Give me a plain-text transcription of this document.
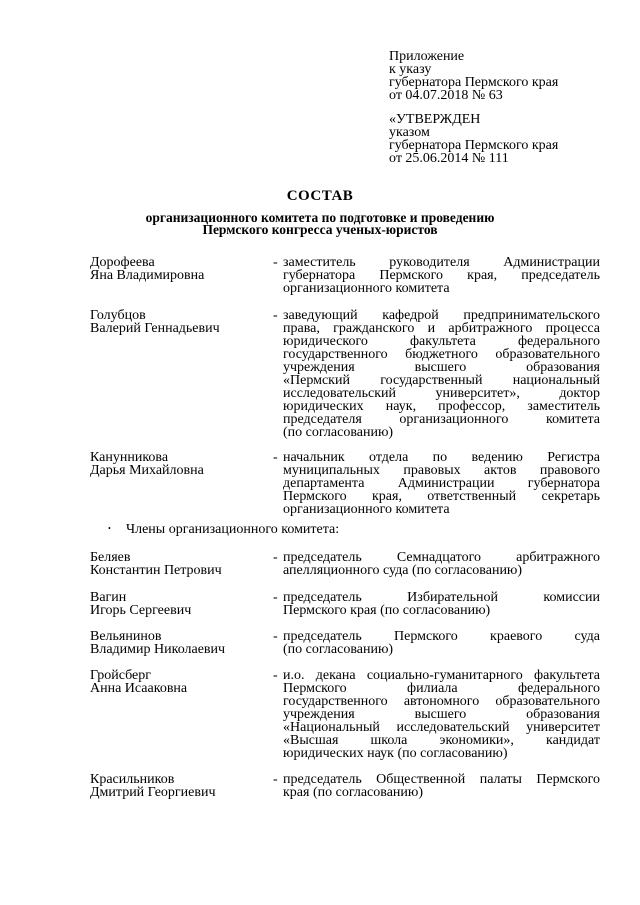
Приложение
к указу
губернатора Пермского края
от 04.07.2018 № 63
«УТВЕРЖДЕН
указом
губернатора Пермского края
от 25.06.2014 № 111
СОСТАВ
организационного комитета по подготовке и проведению
Пермского конгресса ученых-юристов
Дорофеева
Яна Владимировна
- заместитель руководителя Администрации
губернатора Пермского края, председатель
организационного комитета
Голубцов
Валерий Геннадьевич
- заведующий кафедрой предпринимательского
права, гражданского и арбитражного процесса
юридического факультета федерального
государственного бюджетного образовательного
учреждения высшего образования
«Пермский государственный национальный
исследовательский университет», доктор
юридических наук, профессор, заместитель
председателя организационного комитета
(по согласованию)
Канунникова
Дарья Михайловна
- начальник отдела по ведению Регистра
муниципальных правовых актов правового
департамента Администрации губернатора
Пермского края, ответственный секретарь
организационного комитета
• Члены организационного комитета:
Беляев
Константин Петрович
- председатель Семнадцатого арбитражного
апелляционного суда (по согласованию)
Вагин
Игорь Сергеевич
- председатель Избирательной комиссии
Пермского края (по согласованию)
Вельянинов
Владимир Николаевич
- председатель Пермского краевого суда
(по согласованию)
Гройсберг
Анна Исааковна
- и.о. декана социально-гуманитарного факультета
Пермского филиала федерального
государственного автономного образовательного
учреждения высшего образования
«Национальный исследовательский университет
«Высшая школа экономики», кандидат
юридических наук (по согласованию)
Красильников
Дмитрий Георгиевич
- председатель Общественной палаты Пермского
края (по согласованию)
